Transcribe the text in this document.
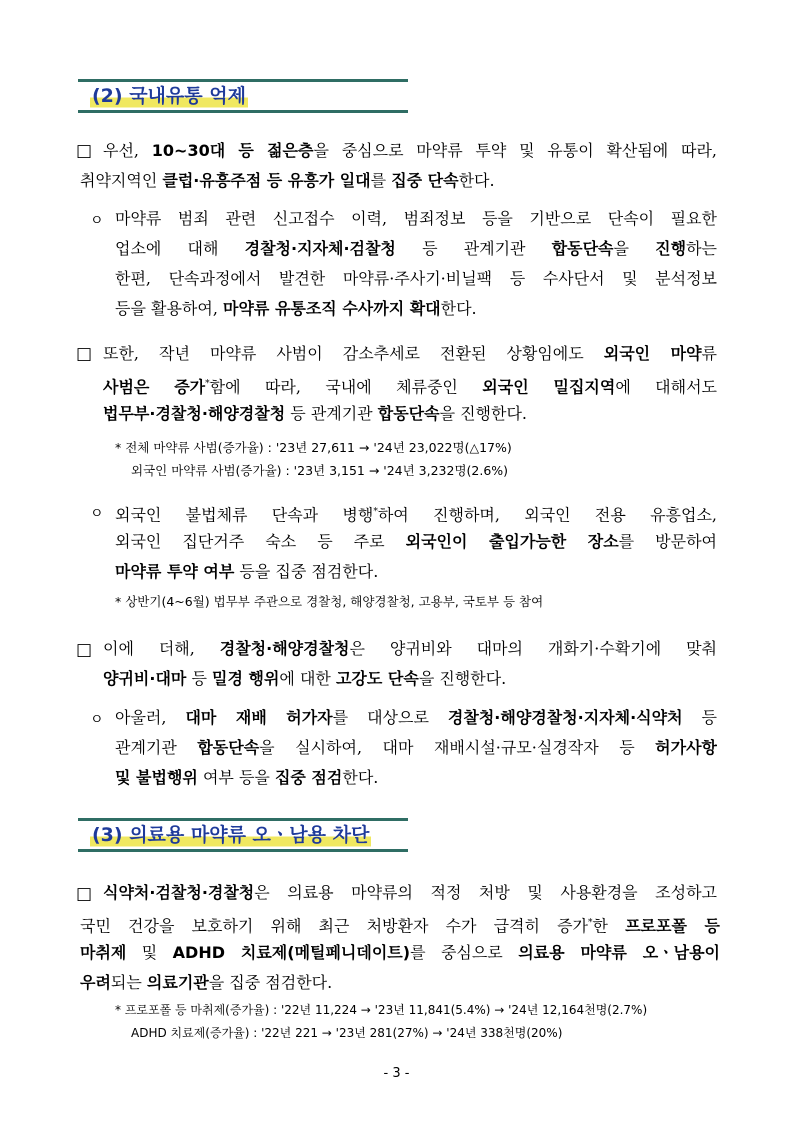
(2) 국내유통 억제
□ 우선, 10~30대 등 젊은층을 중심으로 마약류 투약 및 유통이 확산됨에 따라,
취약지역인 클럽·유흥주점 등 유흥가 일대를 집중 단속한다.
ㅇ 마약류 범죄 관련 신고접수 이력, 범죄정보 등을 기반으로 단속이 필요한
업소에 대해 경찰청·지자체·검찰청 등 관계기관 합동단속을 진행하는
한편, 단속과정에서 발견한 마약류·주사기·비닐팩 등 수사단서 및 분석정보
등을 활용하여, 마약류 유통조직 수사까지 확대한다.
□ 또한, 작년 마약류 사범이 감소추세로 전환된 상황임에도 외국인 마약류
사범은 증가*함에 따라, 국내에 체류중인 외국인 밀집지역에 대해서도
법무부·경찰청·해양경찰청 등 관계기관 합동단속을 진행한다.
* 전체 마약류 사범(증가율) : '23년 27,611 → '24년 23,022명(△17%)
외국인 마약류 사범(증가율) : '23년 3,151 → '24년 3,232명(2.6%)
ㅇ 외국인 불법체류 단속과 병행*하여 진행하며, 외국인 전용 유흥업소,
외국인 집단거주 숙소 등 주로 외국인이 출입가능한 장소를 방문하여
마약류 투약 여부 등을 집중 점검한다.
* 상반기(4~6월) 법무부 주관으로 경찰청, 해양경찰청, 고용부, 국토부 등 참여
□ 이에 더해, 경찰청·해양경찰청은 양귀비와 대마의 개화기·수확기에 맞춰
양귀비·대마 등 밀경 행위에 대한 고강도 단속을 진행한다.
ㅇ 아울러, 대마 재배 허가자를 대상으로 경찰청·해양경찰청·지자체·식약처 등
관계기관 합동단속을 실시하여, 대마 재배시설·규모·실경작자 등 허가사항
및 불법행위 여부 등을 집중 점검한다.
(3) 의료용 마약류 오ㆍ남용 차단
□ 식약처·검찰청·경찰청은 의료용 마약류의 적정 처방 및 사용환경을 조성하고
국민 건강을 보호하기 위해 최근 처방환자 수가 급격히 증가*한 프로포폴 등
마취제 및 ADHD 치료제(메틸페니데이트)를 중심으로 의료용 마약류 오ㆍ남용이
우려되는 의료기관을 집중 점검한다.
* 프로포폴 등 마취제(증가율) : '22년 11,224 → '23년 11,841(5.4%) → '24년 12,164천명(2.7%)
ADHD 치료제(증가율) : '22년 221 → '23년 281(27%) → '24년 338천명(20%)
- 3 -
